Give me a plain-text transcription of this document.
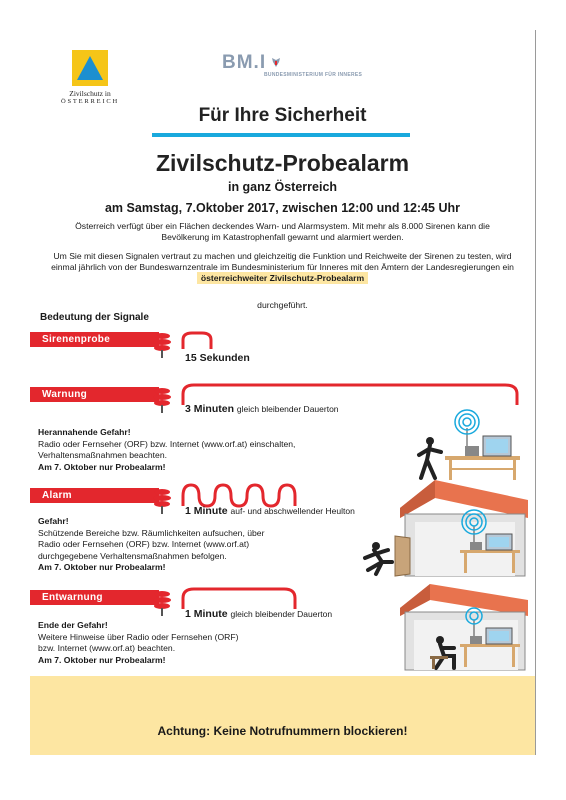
Zivilschutz in
ÖSTERREICH
BM.I
BUNDESMINISTERIUM FÜR INNERES
Für Ihre Sicherheit
Zivilschutz-Probealarm
in ganz Österreich
am Samstag, 7.Oktober 2017, zwischen 12:00 und 12:45 Uhr
Österreich verfügt über ein Flächen deckendes Warn- und Alarmsystem. Mit mehr als 8.000 Sirenen kann die Bevölkerung im Katastrophenfall gewarnt und alarmiert werden.
Um Sie mit diesen Signalen vertraut zu machen und gleichzeitig die Funktion und Reichweite der Sirenen zu testen, wird einmal jährlich von der Bundeswarnzentrale im Bundesministerium für Inneres mit den Ämtern der Landesregierungen ein
österreichweiter Zivilschutz-Probealarm
durchgeführt.
Bedeutung der Signale
Sirenenprobe
15 Sekunden
Warnung
3 Minuten gleich bleibender Dauerton
Herannahende Gefahr!
Radio oder Fernseher (ORF) bzw. Internet (www.orf.at) einschalten,
Verhaltensmaßnahmen beachten.
Am 7. Oktober nur Probealarm!
Alarm
1 Minute auf- und abschwellender Heulton
Gefahr!
Schützende Bereiche bzw. Räumlichkeiten aufsuchen, über
Radio oder Fernsehen (ORF) bzw. Internet (www.orf.at)
durchgegebene Verhaltensmaßnahmen befolgen.
Am 7. Oktober nur Probealarm!
Entwarnung
1 Minute gleich bleibender Dauerton
Ende der Gefahr!
Weitere Hinweise über Radio oder Fernsehen (ORF)
bzw. Internet (www.orf.at) beachten.
Am 7. Oktober nur Probealarm!
Achtung: Keine Notrufnummern blockieren!
